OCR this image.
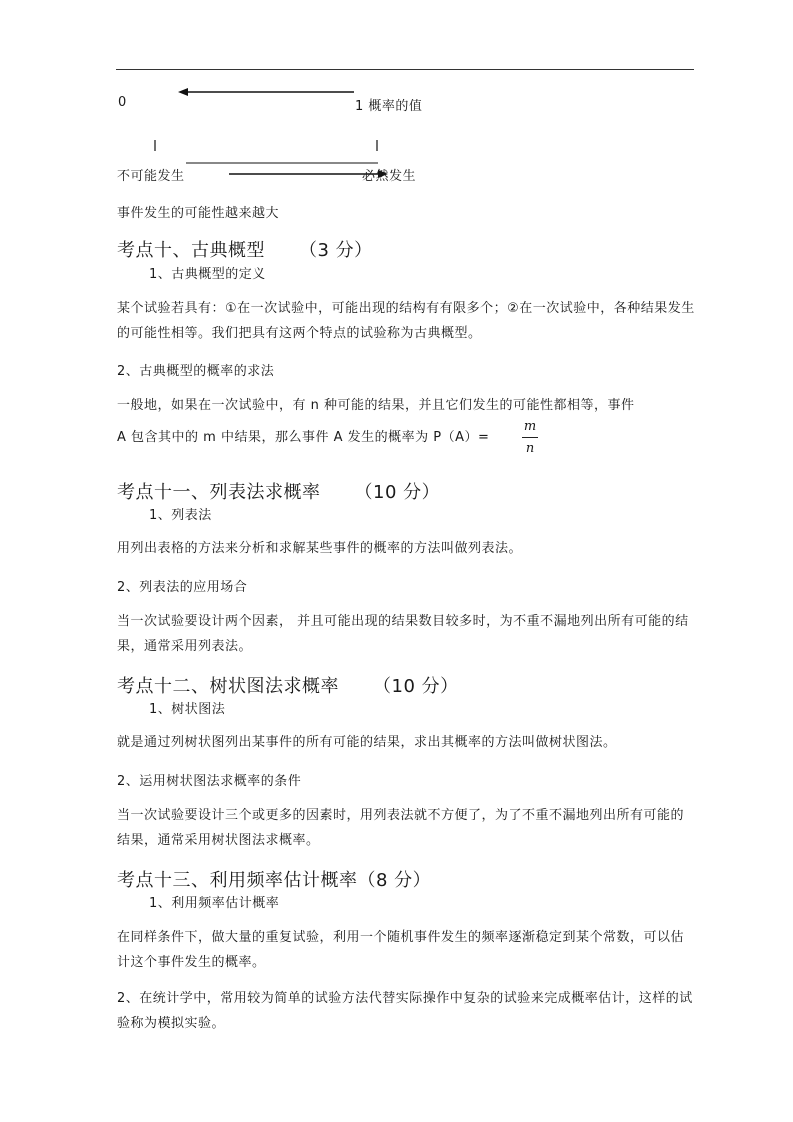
0	1 概率的值
不可能发生	必然发生
事件发生的可能性越来越大
考点十、古典概型 （3 分）
1、古典概型的定义
某个试验若具有：①在一次试验中，可能出现的结构有有限多个；②在一次试验中，各种结果发生的可能性相等。我们把具有这两个特点的试验称为古典概型。
2、古典概型的概率的求法
一般地，如果在一次试验中，有 n 种可能的结果，并且它们发生的可能性都相等，事件
A 包含其中的 m 中结果，那么事件 A 发生的概率为 P（A）=
m
n
考点十一、列表法求概率 （10 分）
1、列表法
用列出表格的方法来分析和求解某些事件的概率的方法叫做列表法。
2、列表法的应用场合
当一次试验要设计两个因素， 并且可能出现的结果数目较多时，为不重不漏地列出所有可能的结果，通常采用列表法。
考点十二、树状图法求概率 （10 分）
1、树状图法
就是通过列树状图列出某事件的所有可能的结果，求出其概率的方法叫做树状图法。
2、运用树状图法求概率的条件
当一次试验要设计三个或更多的因素时，用列表法就不方便了，为了不重不漏地列出所有可能的结果，通常采用树状图法求概率。
考点十三、利用频率估计概率（8 分）
1、利用频率估计概率
在同样条件下，做大量的重复试验，利用一个随机事件发生的频率逐渐稳定到某个常数，可以估计这个事件发生的概率。
2、在统计学中，常用较为简单的试验方法代替实际操作中复杂的试验来完成概率估计，这样的试验称为模拟实验。
